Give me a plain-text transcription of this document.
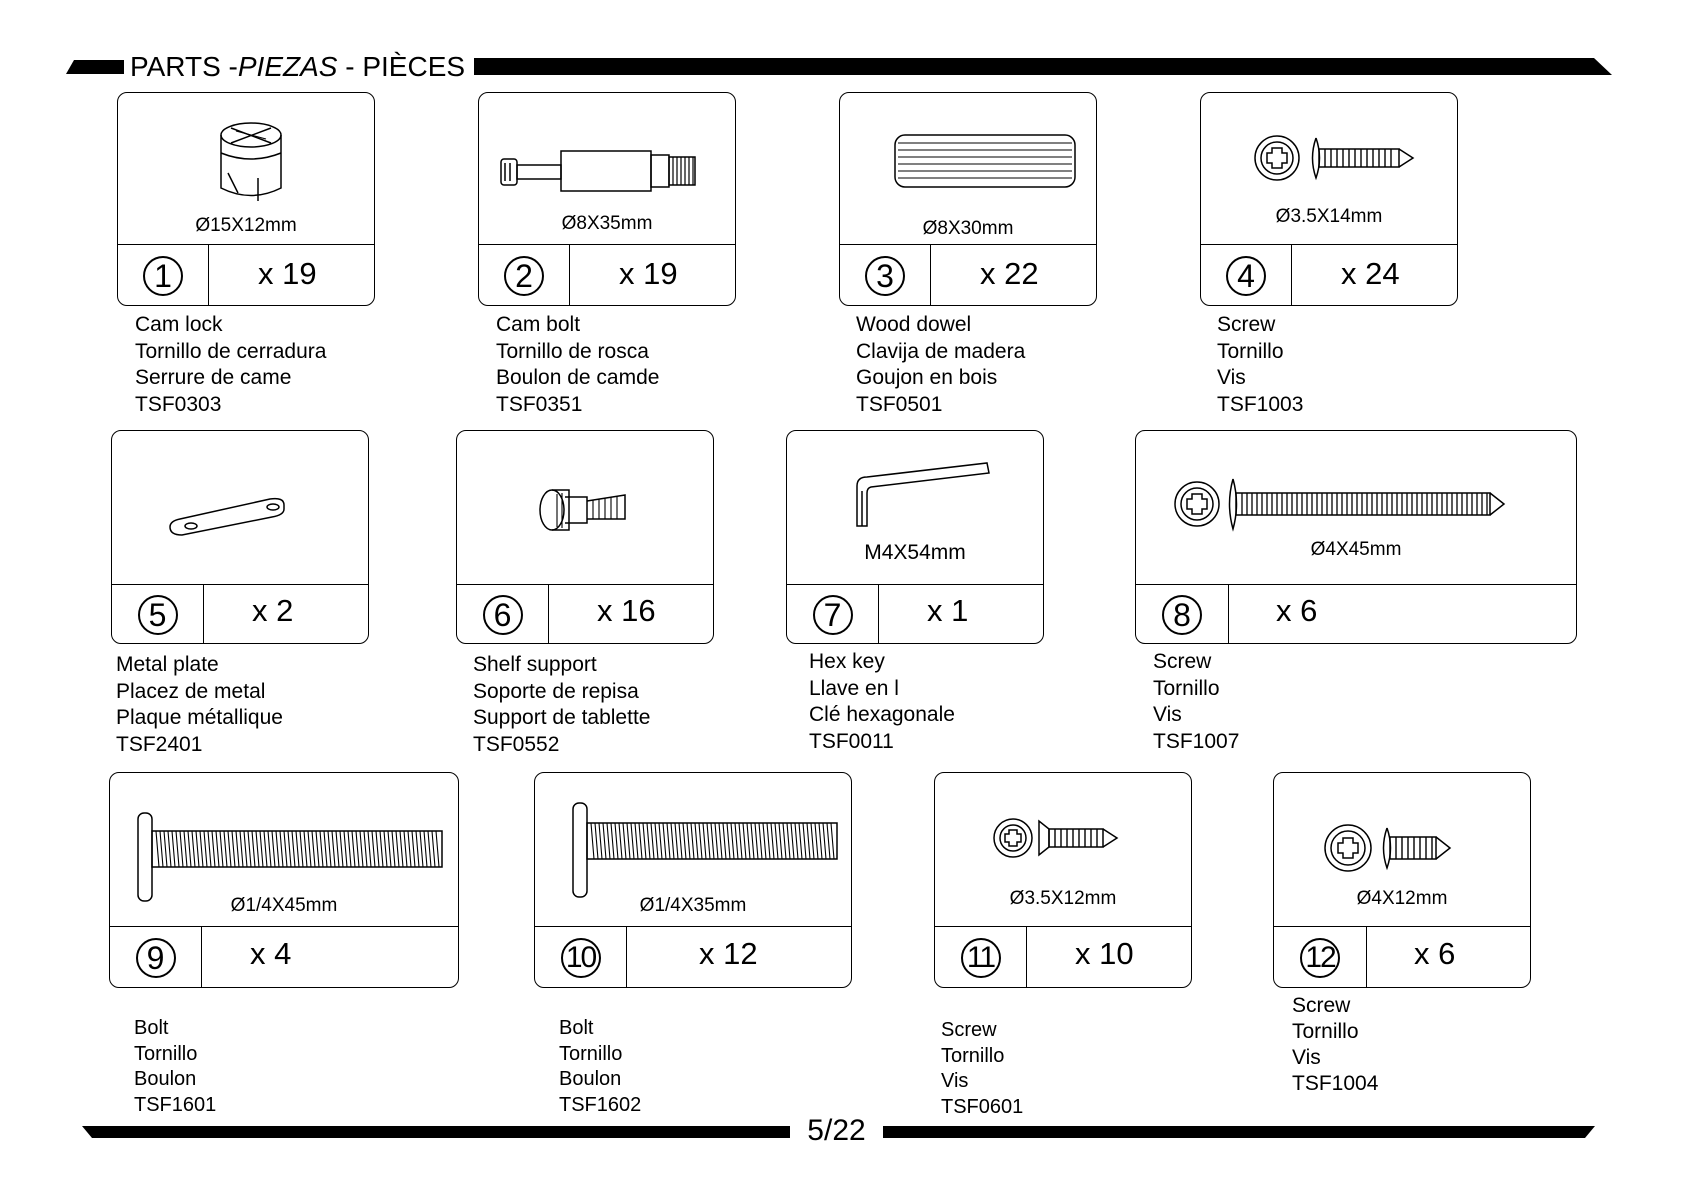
PARTS -PIEZAS - PIÈCES
Ø15X12mm
1	x 19
Cam lock
Tornillo de cerradura
Serrure de came
TSF0303
Ø8X35mm
2	x 19
Cam bolt
Tornillo de rosca
Boulon de camde
TSF0351
Ø8X30mm
3	x 22
Wood dowel
Clavija de madera
Goujon en bois
TSF0501
Ø3.5X14mm
4	x 24
Screw
Tornillo
Vis
TSF1003
5	x 2
Metal plate
Placez de metal
Plaque métallique
TSF2401
6	x 16
Shelf support
Soporte de repisa
Support de tablette
TSF0552
M4X54mm
7	x 1
Hex key
Llave en l
Clé hexagonale
TSF0011
Ø4X45mm
8	x 6
Screw
Tornillo
Vis
TSF1007
Ø1/4X45mm
9	x 4
Bolt
Tornillo
Boulon
TSF1601
Ø1/4X35mm
10	x 12
Bolt
Tornillo
Boulon
TSF1602
Ø3.5X12mm
11	x 10
Screw
Tornillo
Vis
TSF0601
Ø4X12mm
12	x 6
Screw
Tornillo
Vis
TSF1004
5/22
